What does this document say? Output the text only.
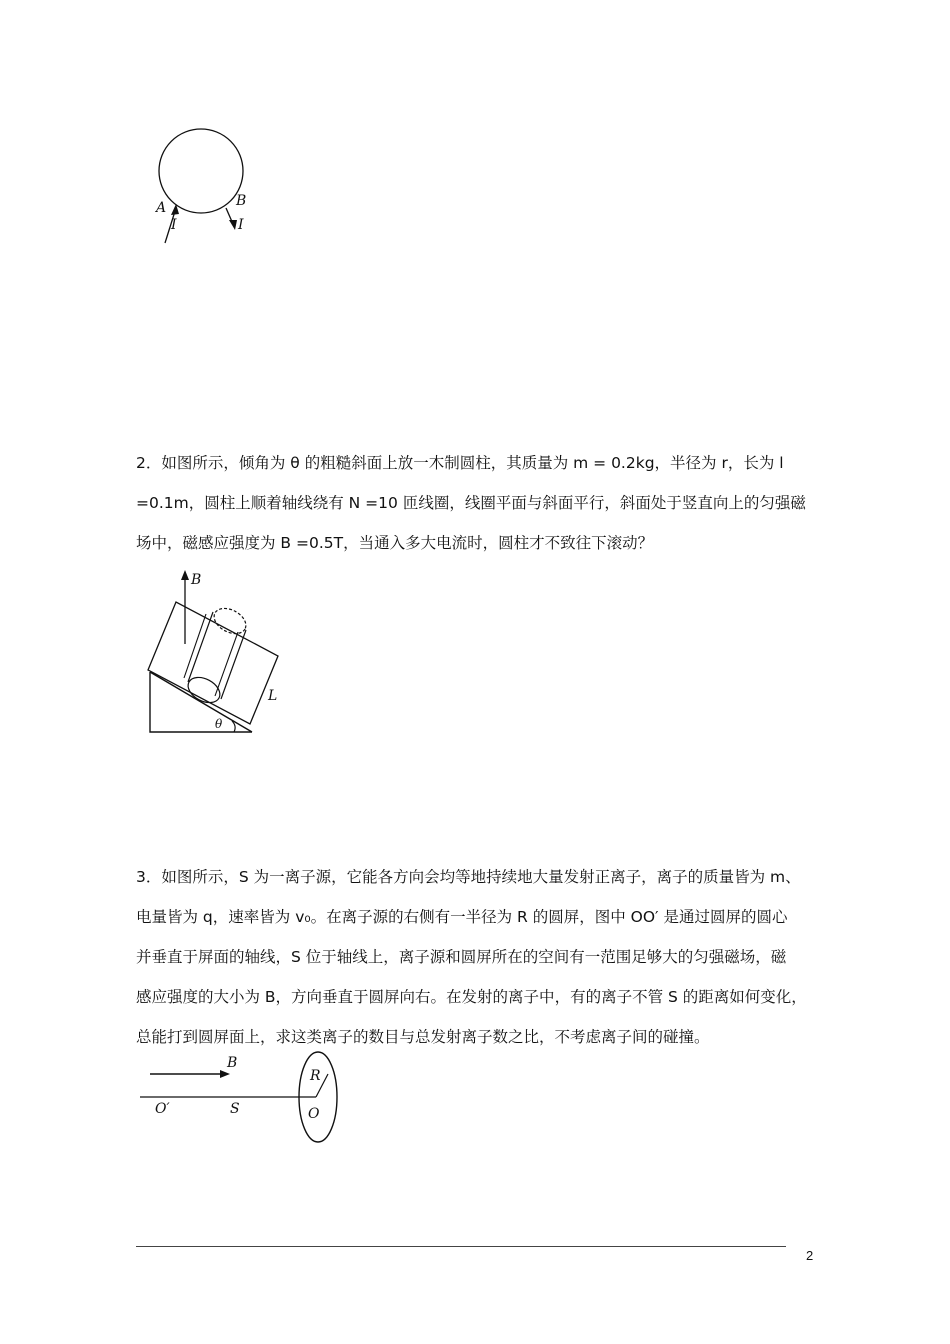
A
I
B
I
2．如图所示，倾角为 θ 的粗糙斜面上放一木制圆柱，其质量为 m = 0.2kg，半径为 r，长为 l
=0.1m，圆柱上顺着轴线绕有 N =10 匝线圈，线圈平面与斜面平行，斜面处于竖直向上的匀强磁
场中，磁感应强度为 B =0.5T，当通入多大电流时，圆柱才不致往下滚动？
B
L
θ
3．如图所示，S 为一离子源，它能各方向会均等地持续地大量发射正离子，离子的质量皆为 m、
电量皆为 q，速率皆为 v₀。在离子源的右侧有一半径为 R 的圆屏，图中 OO′ 是通过圆屏的圆心
并垂直于屏面的轴线，S 位于轴线上，离子源和圆屏所在的空间有一范围足够大的匀强磁场，磁
感应强度的大小为 B，方向垂直于圆屏向右。在发射的离子中，有的离子不管 S 的距离如何变化，
总能打到圆屏面上，求这类离子的数目与总发射离子数之比，不考虑离子间的碰撞。
B
R
O′	S	O
2
